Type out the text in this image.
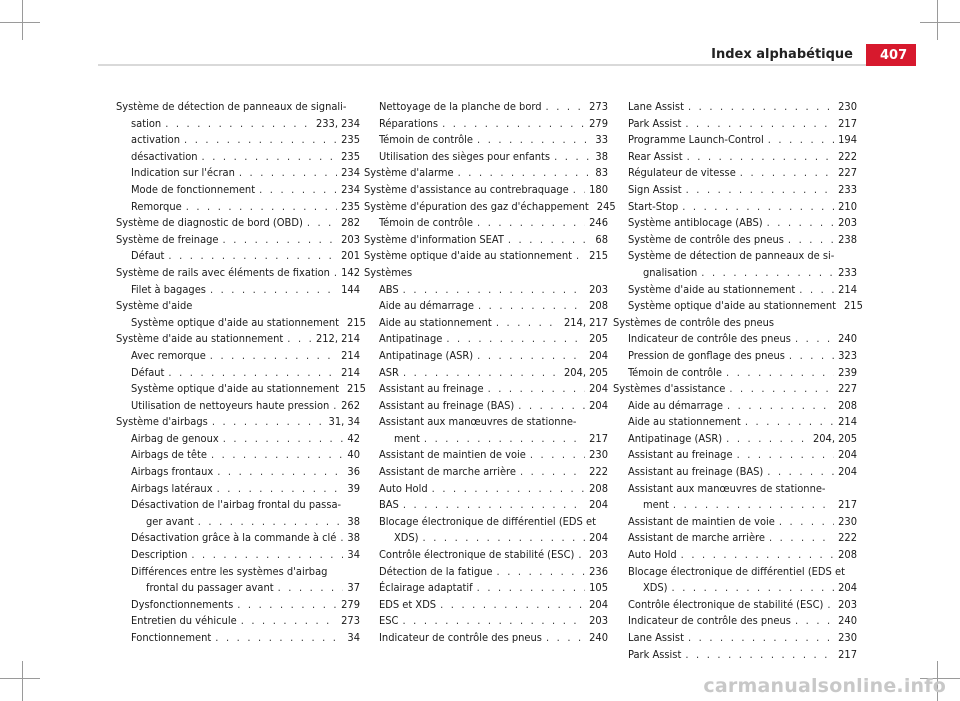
Index alphabétique	407
Système de détection de panneaux de signali-
sation . . .	233, 234
activation . . .	235
désactivation . . .	235
Indication sur l'écran . . .	234
Mode de fonctionnement . . .	234
Remorque . . .	235
Système de diagnostic de bord (OBD) . . .	282
Système de freinage . . .	203
Défaut . . .	201
Système de rails avec éléments de fixation . . . 142
Filet à bagages . . .	144
Système d'aide
Système optique d'aide au stationnement 215
Système d'aide au stationnement . . .	212, 214
Avec remorque . . .	214
Défaut . . .	214
Système optique d'aide au stationnement 215
Utilisation de nettoyeurs haute pression . . . 262
Système d'airbags . . .	31, 34
Airbag de genoux . . .	42
Airbags de tête . . .	40
Airbags frontaux . . .	36
Airbags latéraux . . .	39
Désactivation de l'airbag frontal du passa-
ger avant . . .	38
Désactivation grâce à la commande à clé . . . 38
Description . . .	34
Différences entre les systèmes d'airbag
frontal du passager avant . . .	37
Dysfonctionnements . . .	279
Entretien du véhicule . . .	273
Fonctionnement . . .	34
Nettoyage de la planche de bord . . .	273
Réparations . . .	279
Témoin de contrôle . . .	33
Utilisation des sièges pour enfants . . .	38
Système d'alarme . . .	83
Système d'assistance au contrebraquage . . . 180
Système d'épuration des gaz d'échappement 245
Témoin de contrôle . . .	246
Système d'information SEAT . . .	68
Système optique d'aide au stationnement . . . 215
Systèmes
ABS . . .	203
Aide au démarrage . . .	208
Aide au stationnement . . .	214, 217
Antipatinage . . .	205
Antipatinage (ASR) . . .	204
ASR . . .	204, 205
Assistant au freinage . . .	204
Assistant au freinage (BAS) . . .	204
Assistant aux manœuvres de stationne-
ment . . .	217
Assistant de maintien de voie . . .	230
Assistant de marche arrière . . .	222
Auto Hold . . .	208
BAS . . .	204
Blocage électronique de différentiel (EDS et
XDS) . . .	204
Contrôle électronique de stabilité (ESC) . . . 203
Détection de la fatigue . . .	236
Éclairage adaptatif . . .	105
EDS et XDS . . .	204
ESC . . .	203
Indicateur de contrôle des pneus . . .	240
Lane Assist . . .	230
Park Assist . . .	217
Programme Launch-Control . . .	194
Rear Assist . . .	222
Régulateur de vitesse . . .	227
Sign Assist . . .	233
Start-Stop . . .	210
Système antiblocage (ABS) . . .	203
Système de contrôle des pneus . . .	238
Système de détection de panneaux de si-
gnalisation . . .	233
Système d'aide au stationnement . . .	214
Système optique d'aide au stationnement 215
Systèmes de contrôle des pneus
Indicateur de contrôle des pneus . . .	240
Pression de gonflage des pneus . . .	323
Témoin de contrôle . . .	239
Systèmes d'assistance . . .	227
Aide au démarrage . . .	208
Aide au stationnement . . .	214
Antipatinage (ASR) . . .	204, 205
Assistant au freinage . . .	204
Assistant au freinage (BAS) . . .	204
Assistant aux manœuvres de stationne-
ment . . .	217
Assistant de maintien de voie . . .	230
Assistant de marche arrière . . .	222
Auto Hold . . .	208
Blocage électronique de différentiel (EDS et
XDS) . . .	204
Contrôle électronique de stabilité (ESC) . . . 203
Indicateur de contrôle des pneus . . .	240
Lane Assist . . .	230
Park Assist . . .	217
carmanualsonline.info
